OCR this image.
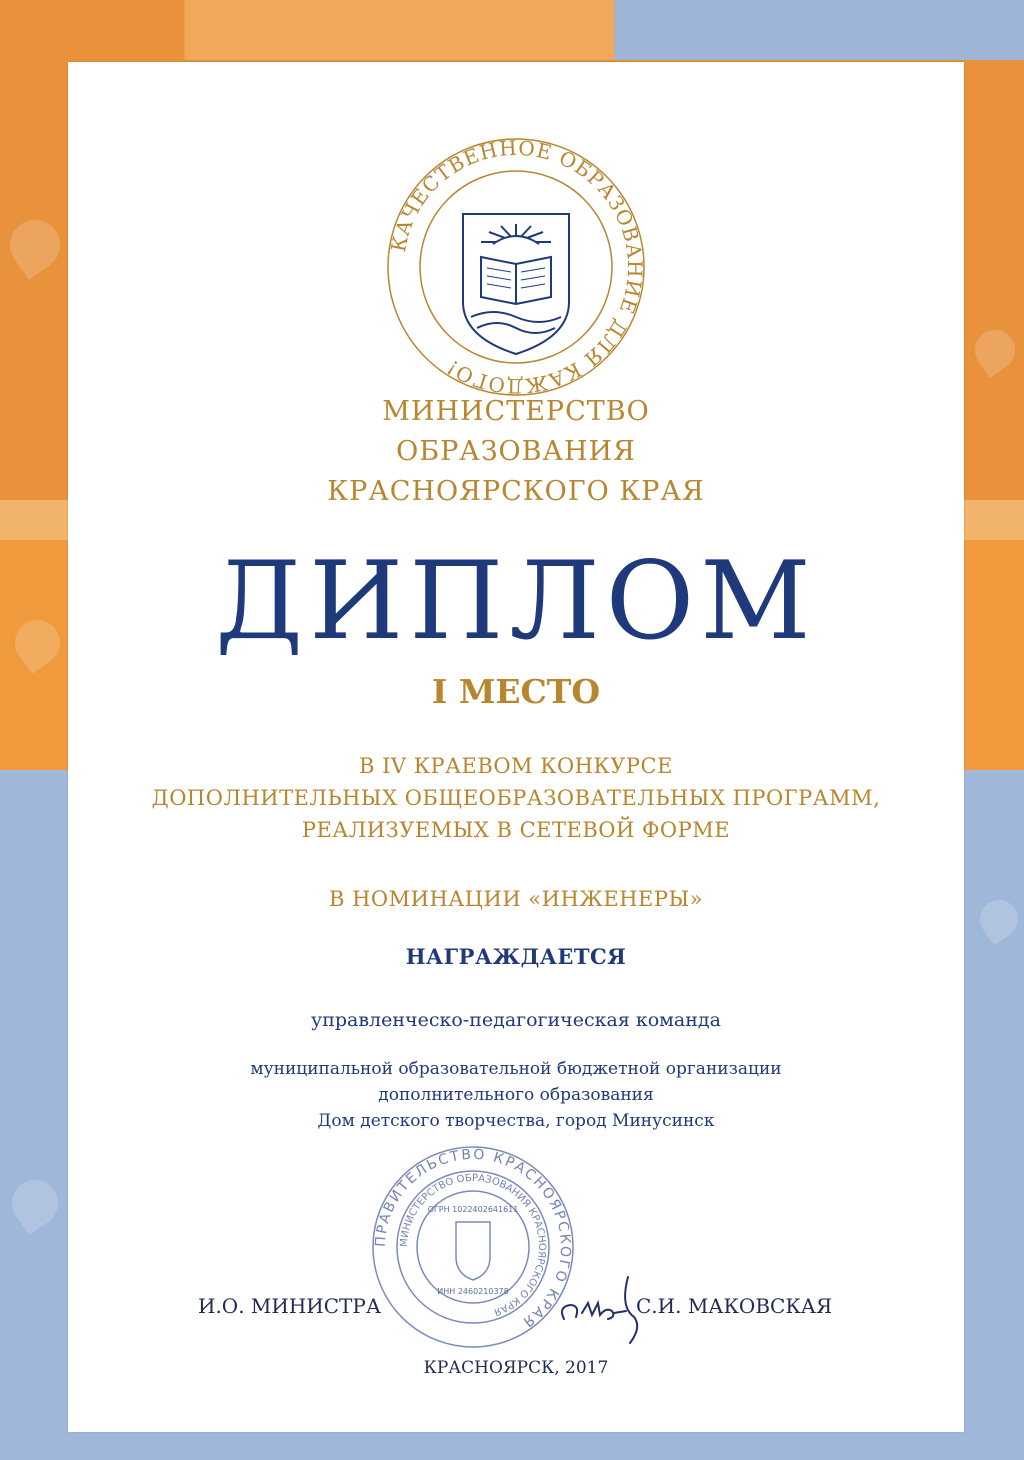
КАЧЕСТВЕННОЕ ОБРАЗОВАНИЕ ДЛЯ КАЖДОГО!
МИНИСТЕРСТВО
ОБРАЗОВАНИЯ
КРАСНОЯРСКОГО КРАЯ
ДИПЛОМ
I МЕСТО
В IV КРАЕВОМ КОНКУРСЕ
ДОПОЛНИТЕЛЬНЫХ ОБЩЕОБРАЗОВАТЕЛЬНЫХ ПРОГРАММ,
РЕАЛИЗУЕМЫХ В СЕТЕВОЙ ФОРМЕ
В НОМИНАЦИИ «ИНЖЕНЕРЫ»
НАГРАЖДАЕТСЯ
управленческо-педагогическая команда
муниципальной образовательной бюджетной организации
дополнительного образования
Дом детского творчества, город Минусинск
ПРАВИТЕЛЬСТВО КРАСНОЯРСКОГО КРАЯ
МИНИСТЕРСТВО ОБРАЗОВАНИЯ КРАСНОЯРСКОГО КРАЯ
ОГРН 1022402641611
ИНН 2460210378
И.О. МИНИСТРА	С.И. МАКОВСКАЯ
КРАСНОЯРСК, 2017
